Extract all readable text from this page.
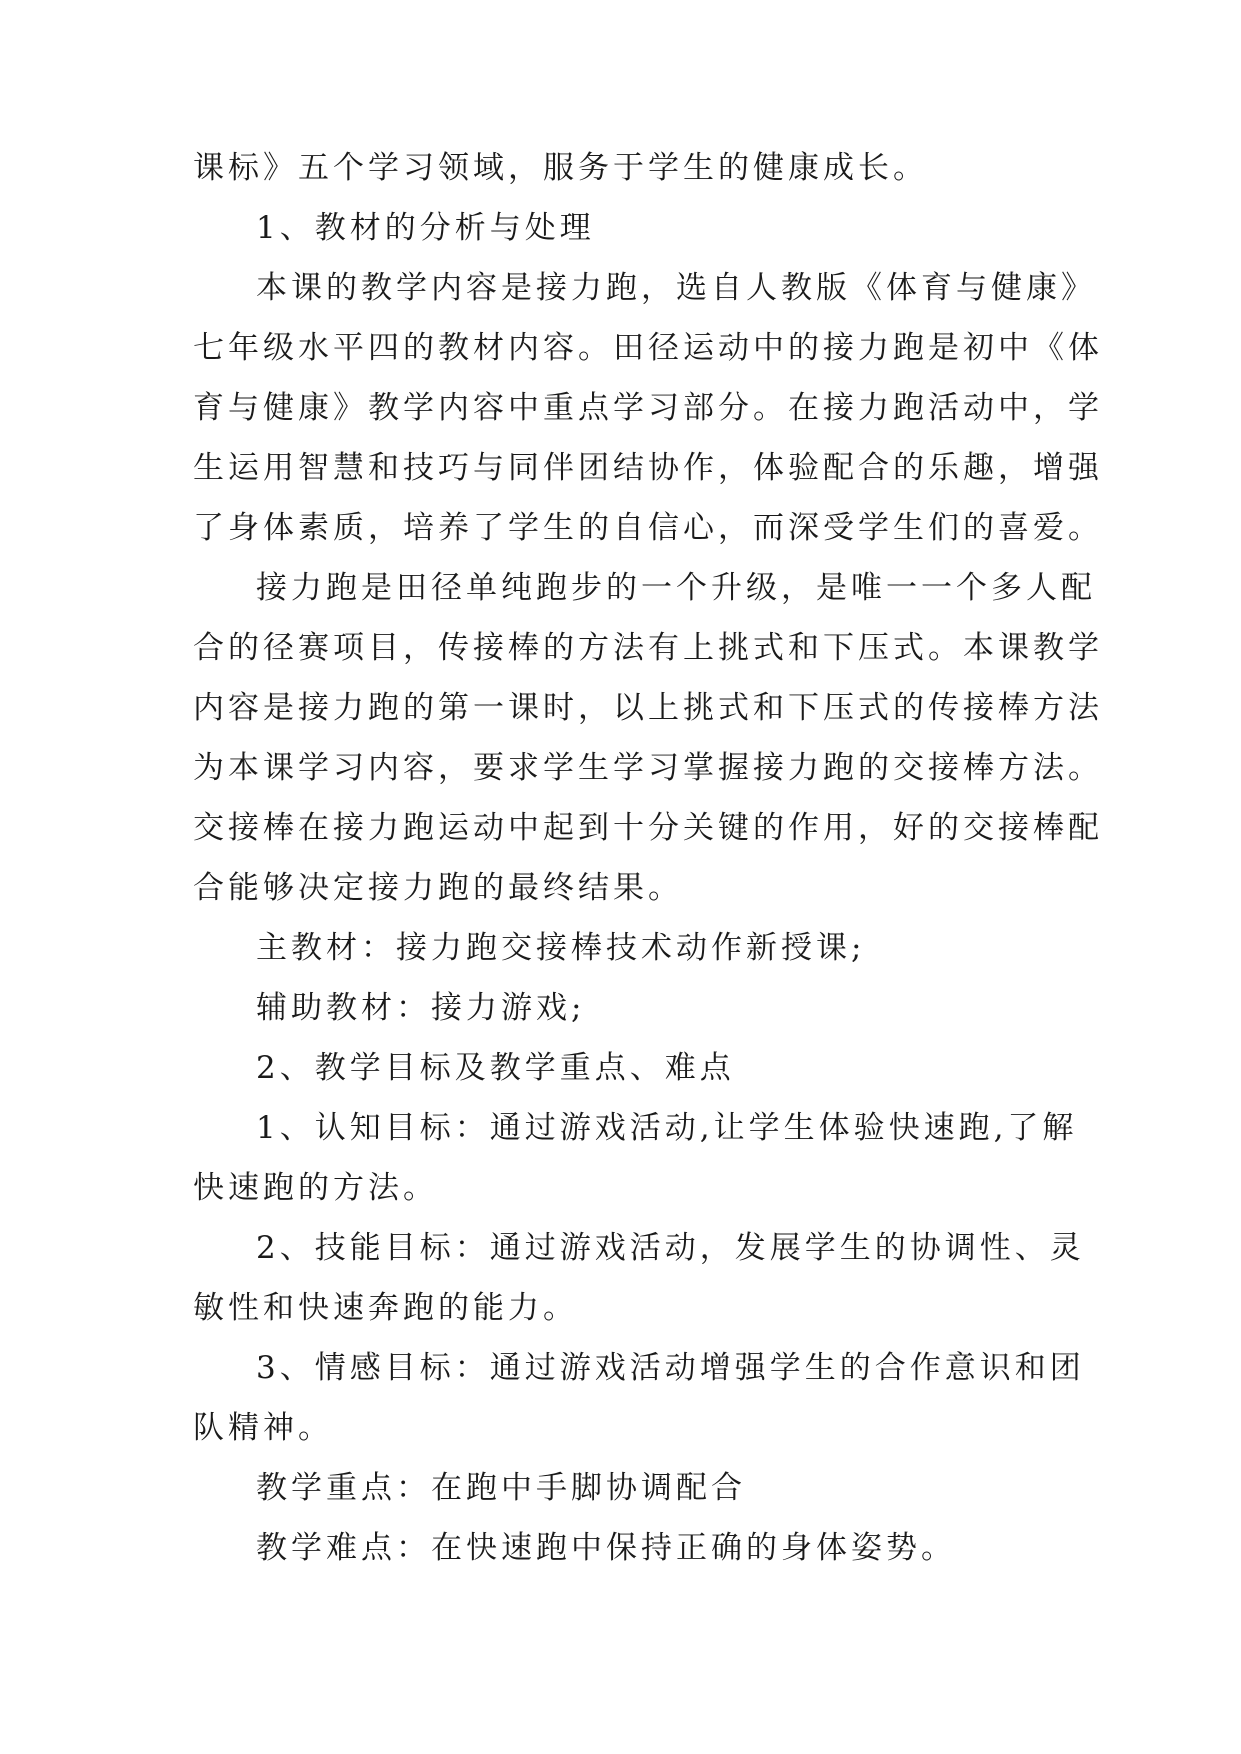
课标》五个学习领域，服务于学生的健康成长。

1、教材的分析与处理

本课的教学内容是接力跑，选自人教版《体育与健康》

七年级水平四的教材内容。田径运动中的接力跑是初中《体

育与健康》教学内容中重点学习部分。在接力跑活动中，学

生运用智慧和技巧与同伴团结协作，体验配合的乐趣，增强

了身体素质，培养了学生的自信心，而深受学生们的喜爱。

接力跑是田径单纯跑步的一个升级，是唯一一个多人配

合的径赛项目，传接棒的方法有上挑式和下压式。本课教学

内容是接力跑的第一课时，以上挑式和下压式的传接棒方法

为本课学习内容，要求学生学习掌握接力跑的交接棒方法。

交接棒在接力跑运动中起到十分关键的作用，好的交接棒配

合能够决定接力跑的最终结果。

主教材：接力跑交接棒技术动作新授课;

辅助教材：接力游戏;

2、教学目标及教学重点、难点

1、认知目标：通过游戏活动,让学生体验快速跑,了解

快速跑的方法。

2、技能目标：通过游戏活动，发展学生的协调性、灵

敏性和快速奔跑的能力。

3、情感目标：通过游戏活动增强学生的合作意识和团

队精神。

教学重点：在跑中手脚协调配合

教学难点：在快速跑中保持正确的身体姿势。
